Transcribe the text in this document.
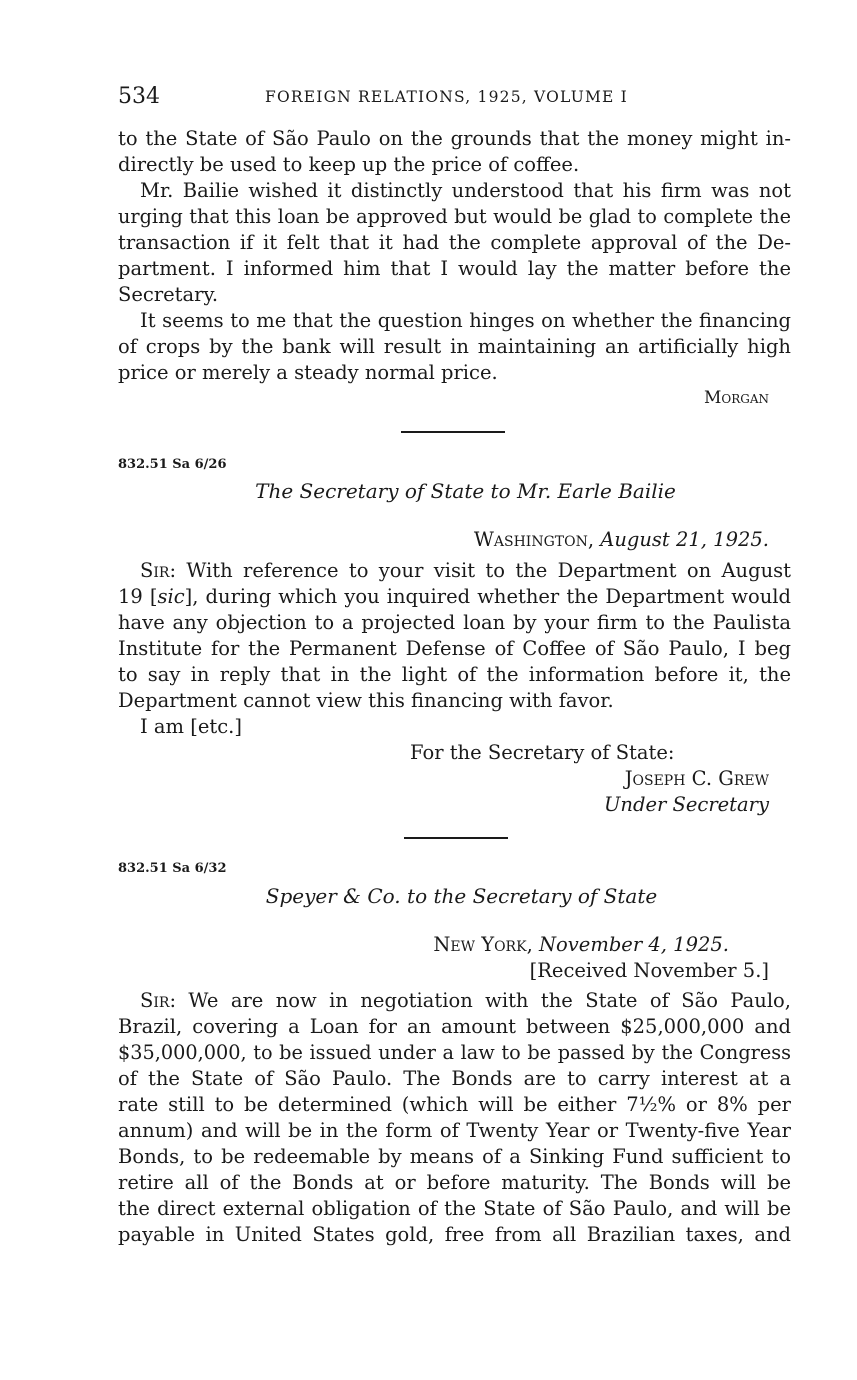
534	FOREIGN RELATIONS, 1925, VOLUME I
to the State of São Paulo on the grounds that the money might in-
directly be used to keep up the price of coffee.
Mr. Bailie wished it distinctly understood that his firm was not
urging that this loan be approved but would be glad to complete the
transaction if it felt that it had the complete approval of the De-
partment. I informed him that I would lay the matter before the
Secretary.
It seems to me that the question hinges on whether the financing
of crops by the bank will result in maintaining an artificially high
price or merely a steady normal price.
Morgan
832.51 Sa 6/26
The Secretary of State to Mr. Earle Bailie
Washington, August 21, 1925.
Sir: With reference to your visit to the Department on August
19 [sic], during which you inquired whether the Department would
have any objection to a projected loan by your firm to the Paulista
Institute for the Permanent Defense of Coffee of São Paulo, I beg
to say in reply that in the light of the information before it, the
Department cannot view this financing with favor.
I am [etc.]
For the Secretary of State:
Joseph C. Grew
Under Secretary
832.51 Sa 6/32
Speyer & Co. to the Secretary of State
New York, November 4, 1925.
[Received November 5.]
Sir: We are now in negotiation with the State of São Paulo,
Brazil, covering a Loan for an amount between $25,000,000 and
$35,000,000, to be issued under a law to be passed by the Congress
of the State of São Paulo. The Bonds are to carry interest at a
rate still to be determined (which will be either 7½% or 8% per
annum) and will be in the form of Twenty Year or Twenty-five Year
Bonds, to be redeemable by means of a Sinking Fund sufficient to
retire all of the Bonds at or before maturity. The Bonds will be
the direct external obligation of the State of São Paulo, and will be
payable in United States gold, free from all Brazilian taxes, and
